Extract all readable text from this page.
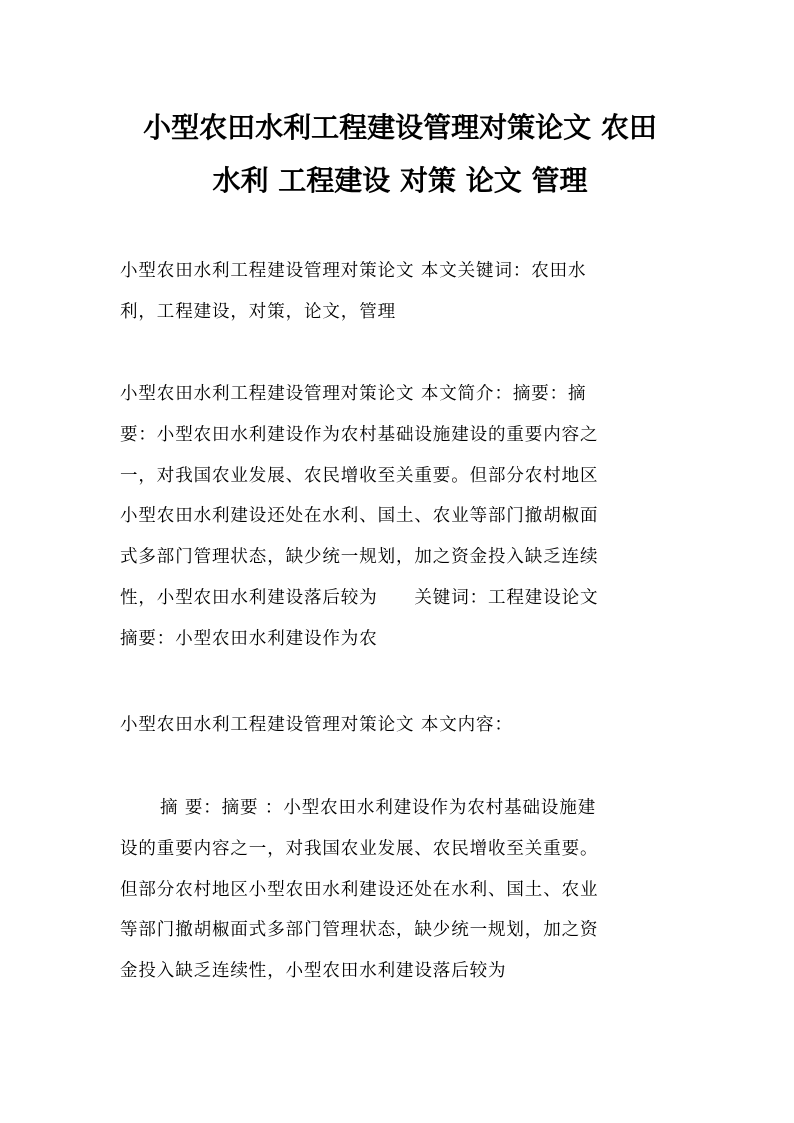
小型农田水利工程建设管理对策论文 农田
水利 工程建设 对策 论文 管理

小型农田水利工程建设管理对策论文 本文关键词：农田水
利，工程建设，对策，论文，管理

小型农田水利工程建设管理对策论文 本文简介：摘要：摘
要：小型农田水利建设作为农村基础设施建设的重要内容之
一，对我国农业发展、农民增收至关重要。但部分农村地区
小型农田水利建设还处在水利、国土、农业等部门撤胡椒面
式多部门管理状态，缺少统一规划，加之资金投入缺乏连续
性，小型农田水利建设落后较为　　关键词：工程建设论文
摘要：小型农田水利建设作为农

小型农田水利工程建设管理对策论文 本文内容：

摘 要：摘要 ：小型农田水利建设作为农村基础设施建
设的重要内容之一，对我国农业发展、农民增收至关重要。
但部分农村地区小型农田水利建设还处在水利、国土、农业
等部门撤胡椒面式多部门管理状态，缺少统一规划，加之资
金投入缺乏连续性，小型农田水利建设落后较为
